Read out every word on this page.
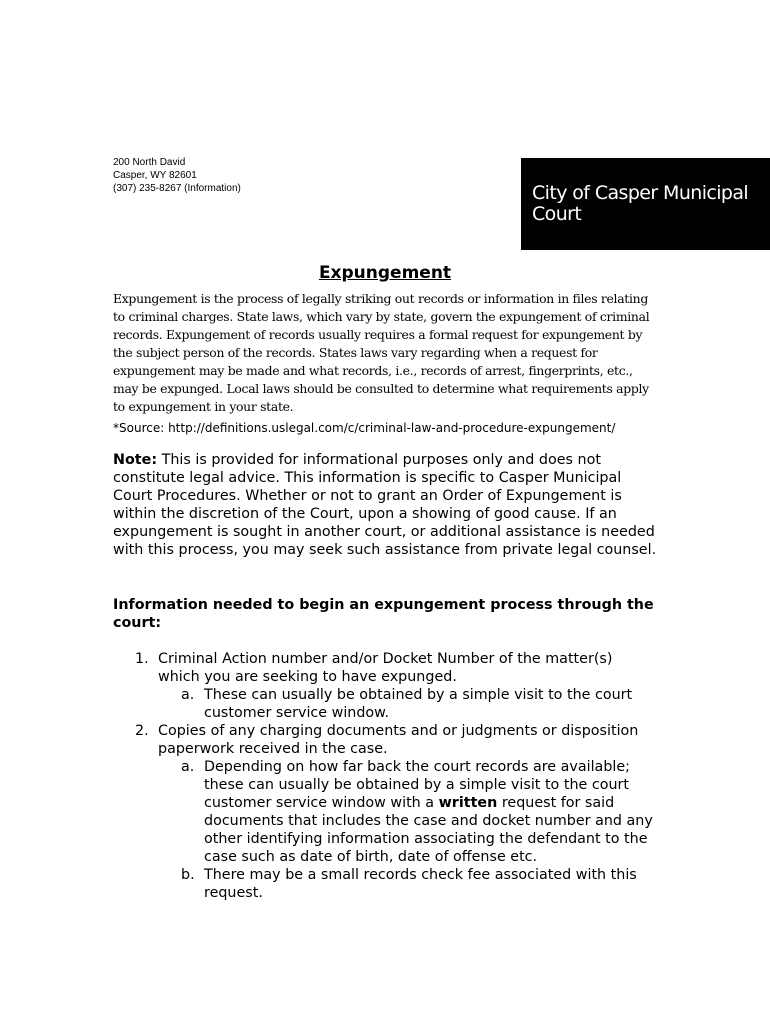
200 North David
Casper, WY 82601
(307) 235-8267 (Information)	City of Casper Municipal Court
Expungement

Expungement is the process of legally striking out records or information in files relating to criminal charges. State laws, which vary by state, govern the expungement of criminal records. Expungement of records usually requires a formal request for expungement by the subject person of the records. States laws vary regarding when a request for expungement may be made and what records, i.e., records of arrest, fingerprints, etc., may be expunged. Local laws should be consulted to determine what requirements apply to expungement in your state.

*Source: http://definitions.uslegal.com/c/criminal-law-and-procedure-expungement/

Note: This is provided for informational purposes only and does not constitute legal advice. This information is specific to Casper Municipal Court Procedures. Whether or not to grant an Order of Expungement is within the discretion of the Court, upon a showing of good cause. If an expungement is sought in another court, or additional assistance is needed with this process, you may seek such assistance from private legal counsel.

Information needed to begin an expungement process through the court:

1. Criminal Action number and/or Docket Number of the matter(s) which you are seeking to have expunged.
a. These can usually be obtained by a simple visit to the court customer service window.
2. Copies of any charging documents and or judgments or disposition paperwork received in the case.
a. Depending on how far back the court records are available; these can usually be obtained by a simple visit to the court customer service window with a written request for said documents that includes the case and docket number and any other identifying information associating the defendant to the case such as date of birth, date of offense etc.
b. There may be a small records check fee associated with this request.
